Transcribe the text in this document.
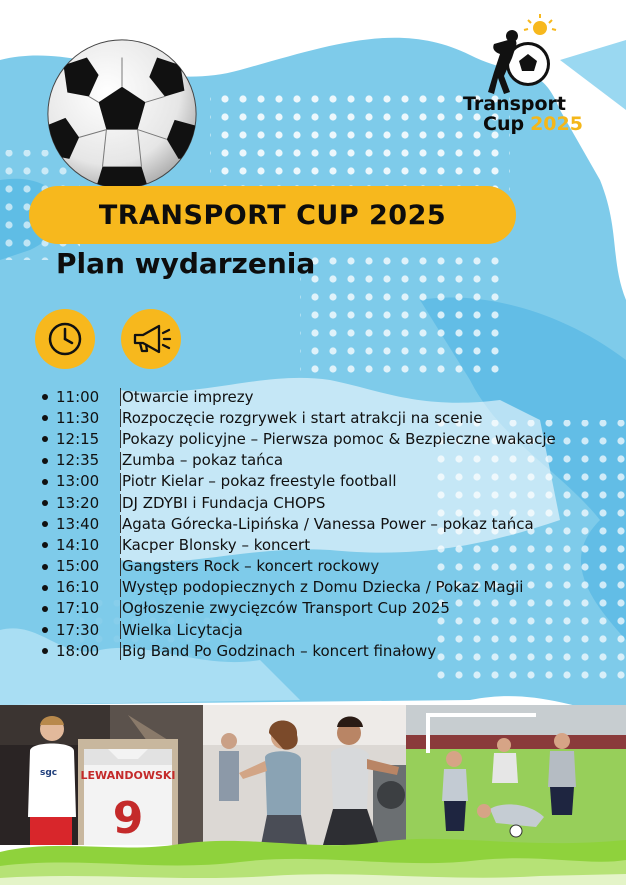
Transport
Cup 2025
TRANSPORT CUP 2025
Plan wydarzenia
11:00 Otwarcie imprezy
11:30 Rozpoczęcie rozgrywek i start atrakcji na scenie
12:15 Pokazy policyjne – Pierwsza pomoc & Bezpieczne wakacje
12:35 Zumba – pokaz tańca
13:00 Piotr Kielar – pokaz freestyle football
13:20 DJ ZDYBI i Fundacja CHOPS
13:40 Agata Górecka-Lipińska / Vanessa Power – pokaz tańca
14:10 Kacper Blonsky – koncert
15:00 Gangsters Rock – koncert rockowy
16:10 Występ podopiecznych z Domu Dziecka / Pokaz Magii
17:10 Ogłoszenie zwycięzców Transport Cup 2025
17:30 Wielka Licytacja
18:00 Big Band Po Godzinach – koncert finałowy
LEWANDOWSKI
9
sgc
